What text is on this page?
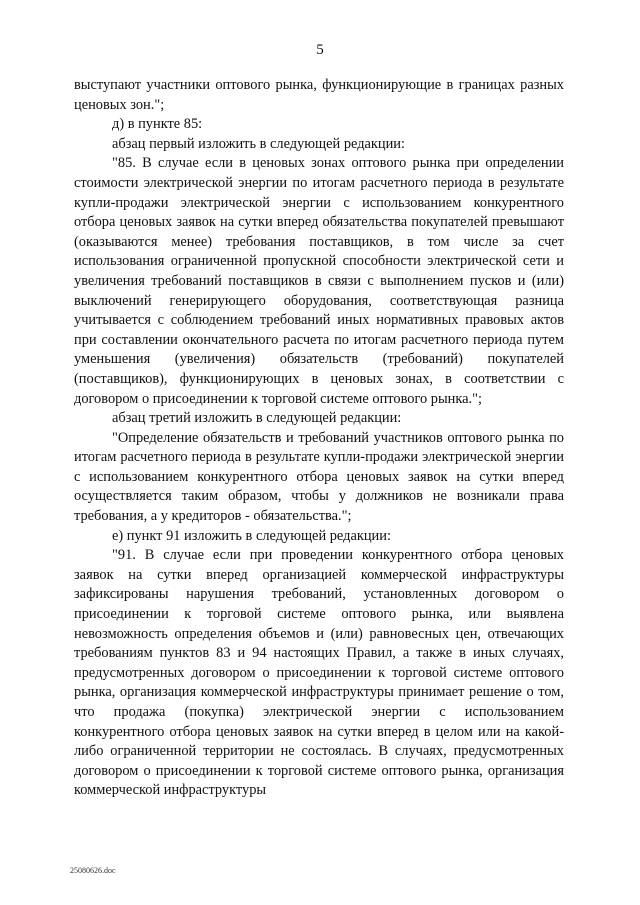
5

выступают участники оптового рынка, функционирующие в границах разных ценовых зон.";

д) в пункте 85:

абзац первый изложить в следующей редакции:

"85. В случае если в ценовых зонах оптового рынка при определении стоимости электрической энергии по итогам расчетного периода в результате купли-продажи электрической энергии с использованием конкурентного отбора ценовых заявок на сутки вперед обязательства покупателей превышают (оказываются менее) требования поставщиков, в том числе за счет использования ограниченной пропускной способности электрической сети и увеличения требований поставщиков в связи с выполнением пусков и (или) выключений генерирующего оборудования, соответствующая разница учитывается с соблюдением требований иных нормативных правовых актов при составлении окончательного расчета по итогам расчетного периода путем уменьшения (увеличения) обязательств (требований) покупателей (поставщиков), функционирующих в ценовых зонах, в соответствии с договором о присоединении к торговой системе оптового рынка.";

абзац третий изложить в следующей редакции:

"Определение обязательств и требований участников оптового рынка по итогам расчетного периода в результате купли-продажи электрической энергии с использованием конкурентного отбора ценовых заявок на сутки вперед осуществляется таким образом, чтобы у должников не возникали права требования, а у кредиторов - обязательства.";

е) пункт 91 изложить в следующей редакции:

"91. В случае если при проведении конкурентного отбора ценовых заявок на сутки вперед организацией коммерческой инфраструктуры зафиксированы нарушения требований, установленных договором о присоединении к торговой системе оптового рынка, или выявлена невозможность определения объемов и (или) равновесных цен, отвечающих требованиям пунктов 83 и 94 настоящих Правил, а также в иных случаях, предусмотренных договором о присоединении к торговой системе оптового рынка, организация коммерческой инфраструктуры принимает решение о том, что продажа (покупка) электрической энергии с использованием конкурентного отбора ценовых заявок на сутки вперед в целом или на какой-либо ограниченной территории не состоялась. В случаях, предусмотренных договором о присоединении к торговой системе оптового рынка, организация коммерческой инфраструктуры

25080626.doc
